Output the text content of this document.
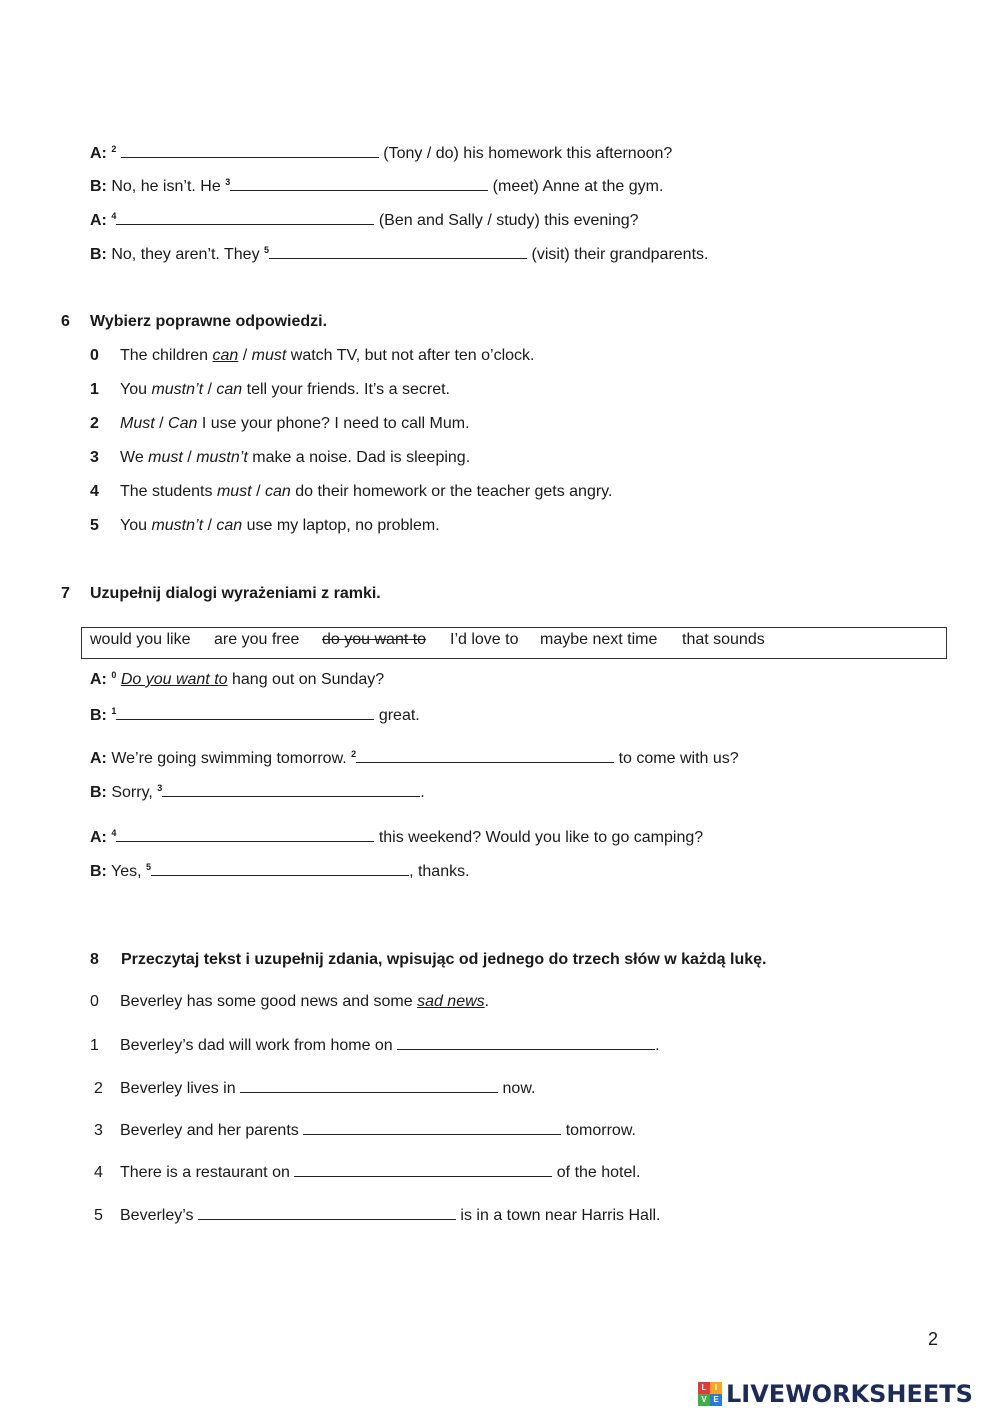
A: $^2$	(Tony / do) his homework this afternoon?
B: No, he isn’t. He $^3$	(meet) Anne at the gym.
A: $^4$	(Ben and Sally / study) this evening?
B: No, they aren’t. They $^5$	(visit) their grandparents.
6 Wybierz poprawne odpowiedzi.
0 The children can / must watch TV, but not after ten o’clock.
1 You mustn’t / can tell your friends. It’s a secret.
2 Must / Can I use your phone? I need to call Mum.
3 We must / mustn’t make a noise. Dad is sleeping.
4 The students must / can do their homework or the teacher gets angry.
5 You mustn’t / can use my laptop, no problem.
7 Uzupełnij dialogi wyrażeniami z ramki.
would you like are you free do you want to I’d love to maybe next time that sounds
A: $^0$ Do you want to hang out on Sunday?
B: $^1$	great.
A: We’re going swimming tomorrow. $^2$	to come with us?
B: Sorry, $^3$	.
A: $^4$	this weekend? Would you like to go camping?
B: Yes, $^5$	, thanks.
8 Przeczytaj tekst i uzupełnij zdania, wpisując od jednego do trzech słów w każdą lukę.
0 Beverley has some good news and some sad news.
1 Beverley’s dad will work from home on	.
2 Beverley lives in	now.
3 Beverley and her parents	tomorrow.
4 There is a restaurant on	of the hotel.
5 Beverley’s	is in a town near Harris Hall.
2
L	I
V E LIVEWORKSHEETS
